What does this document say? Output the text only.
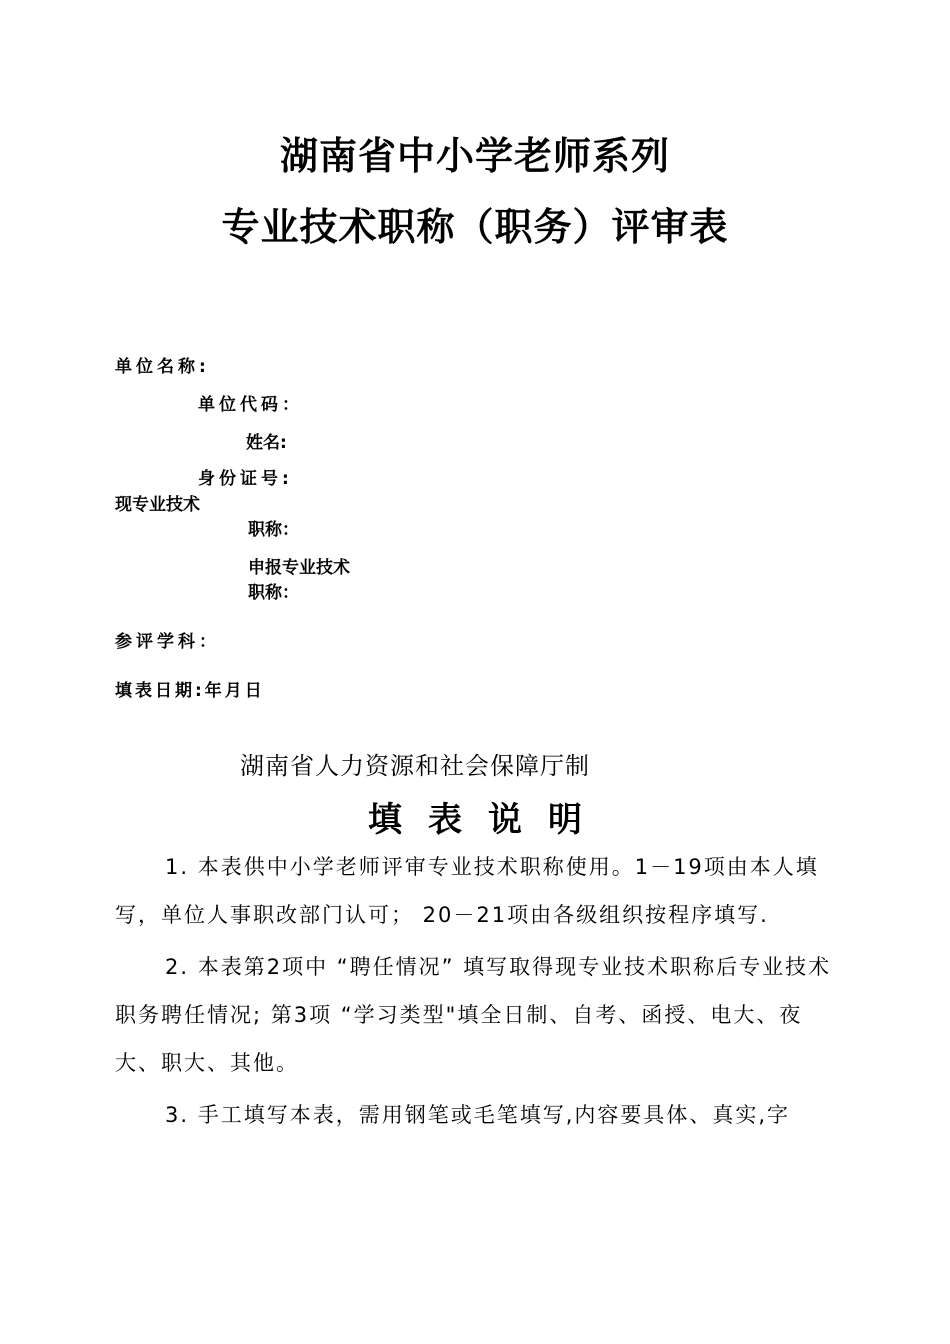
湖南省中小学老师系列
专业技术职称（职务）评审表
单位名称:
单位代码：
姓名:
身份证号:
现专业技术
职称：
申报专业技术
职称：
参评学科：
填表日期:年月日
湖南省人力资源和社会保障厅制
填表说明

1. 本表供中小学老师评审专业技术职称使用。1－19项由本人填写，单位人事职改部门认可； 20－21项由各级组织按程序填写.

2. 本表第2项中 “聘任情况” 填写取得现专业技术职称后专业技术职务聘任情况; 第3项 “学习类型"填全日制、自考、函授、电大、夜大、职大、其他。

3. 手工填写本表，需用钢笔或毛笔填写,内容要具体、真实,字
